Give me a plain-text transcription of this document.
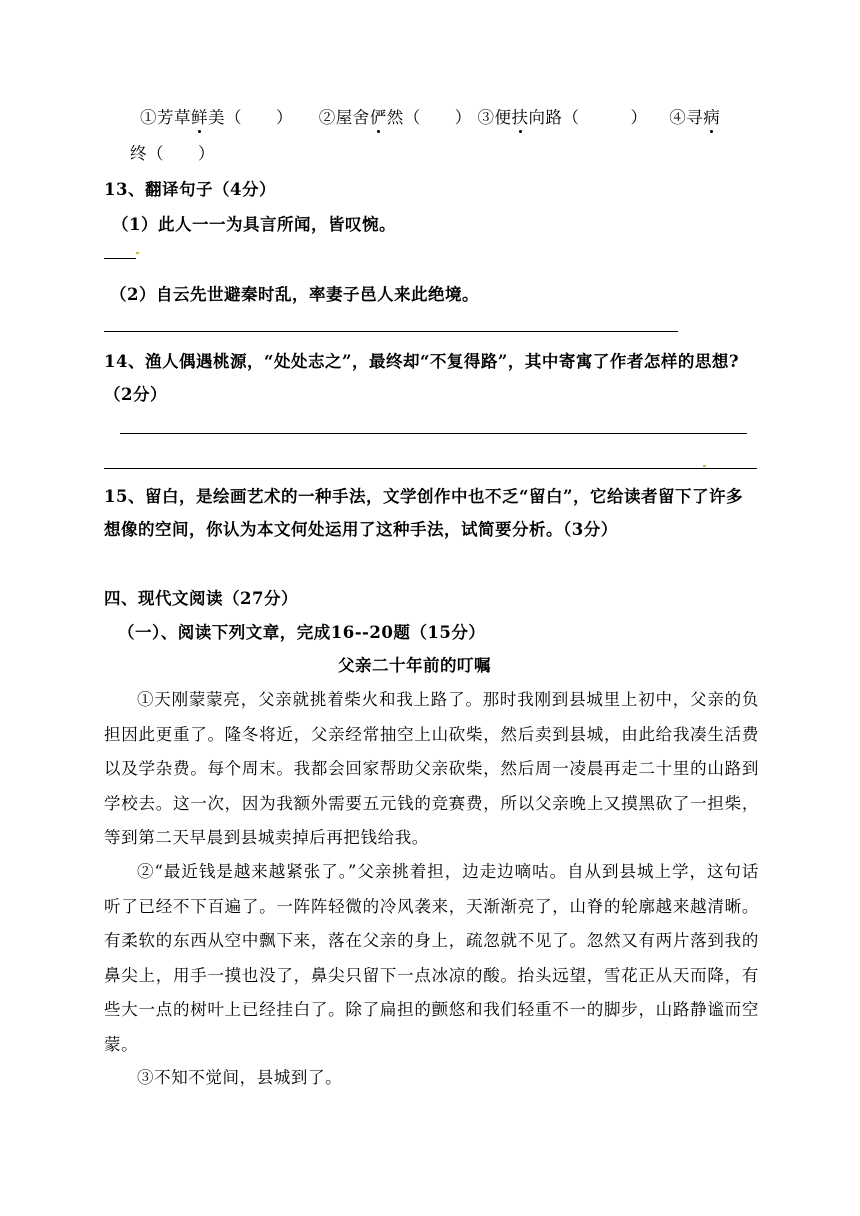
①芳草鲜美（　　） ②屋舍俨然（　　） ③便扶向路（　　　） ④寻病
终（　　）
13、翻译句子（4分）
（1）此人一一为具言所闻，皆叹惋。
（2）自云先世避秦时乱，率妻子邑人来此绝境。
14、渔人偶遇桃源，“处处志之”，最终却“不复得路”，其中寄寓了作者怎样的思想?
（2分）
15、留白，是绘画艺术的一种手法，文学创作中也不乏“留白”，它给读者留下了许多
想像的空间，你认为本文何处运用了这种手法，试简要分析。（3分）
四、现代文阅读（27分）
（一）、阅读下列文章，完成16--20题（15分）
父亲二十年前的叮嘱
①天刚蒙蒙亮，父亲就挑着柴火和我上路了。那时我刚到县城里上初中，父亲的负担因此更重了。隆冬将近，父亲经常抽空上山砍柴，然后卖到县城，由此给我凑生活费以及学杂费。每个周末。我都会回家帮助父亲砍柴，然后周一凌晨再走二十里的山路到学校去。这一次，因为我额外需要五元钱的竞赛费，所以父亲晚上又摸黑砍了一担柴，等到第二天早晨到县城卖掉后再把钱给我。
②“最近钱是越来越紧张了。”父亲挑着担，边走边嘀咕。自从到县城上学，这句话听了已经不下百遍了。一阵阵轻微的冷风袭来，天渐渐亮了，山脊的轮廓越来越清晰。有柔软的东西从空中飘下来，落在父亲的身上，疏忽就不见了。忽然又有两片落到我的鼻尖上，用手一摸也没了，鼻尖只留下一点冰凉的酸。抬头远望，雪花正从天而降，有些大一点的树叶上已经挂白了。除了扁担的颤悠和我们轻重不一的脚步，山路静谧而空蒙。
③不知不觉间，县城到了。
